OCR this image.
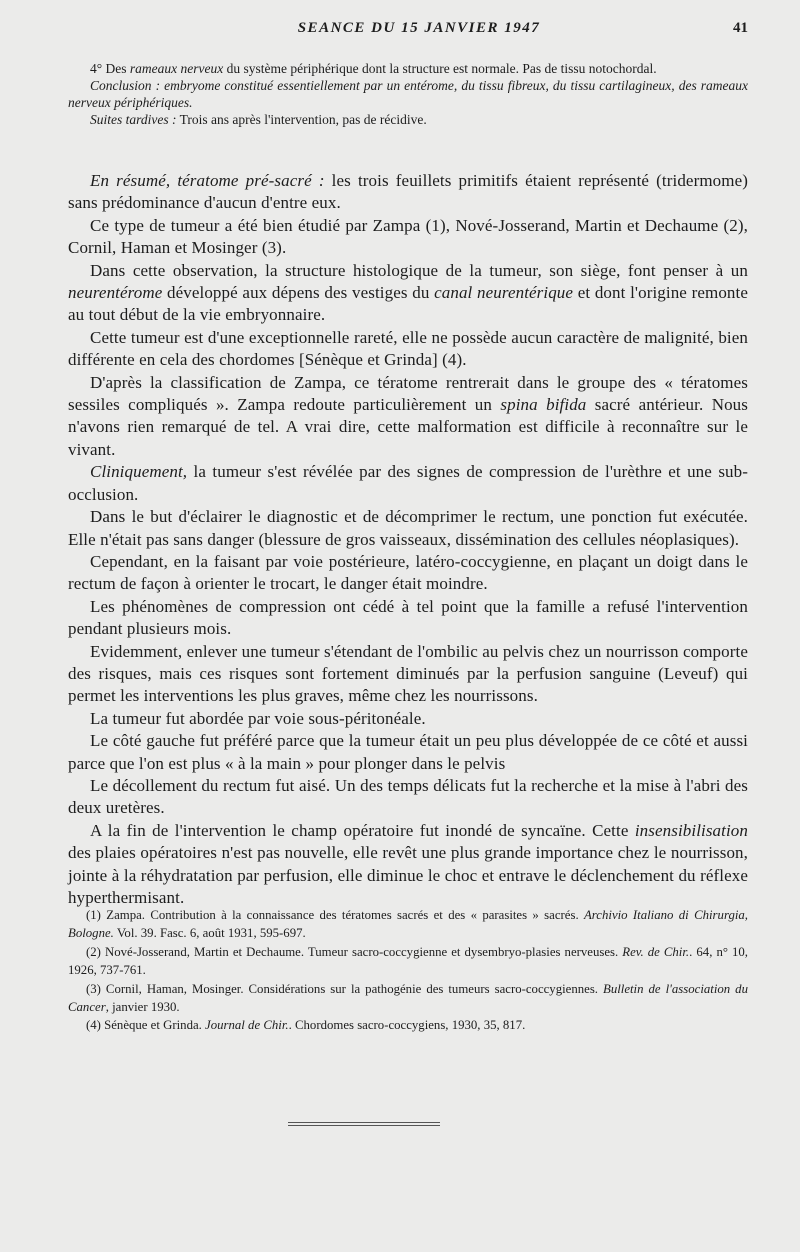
SEANCE DU 15 JANVIER 1947	41

4° Des rameaux nerveux du système périphérique dont la structure est normale. Pas de tissu notochordal.

Conclusion : embryome constitué essentiellement par un entérome, du tissu fibreux, du tissu cartilagineux, des rameaux nerveux périphériques.

Suites tardives : Trois ans après l'intervention, pas de récidive.

En résumé, tératome pré-sacré : les trois feuillets primitifs étaient représenté (tridermome) sans prédominance d'aucun d'entre eux.

Ce type de tumeur a été bien étudié par Zampa (1), Nové-Josserand, Martin et Dechaume (2), Cornil, Haman et Mosinger (3).

Dans cette observation, la structure histologique de la tumeur, son siège, font penser à un neurentérome développé aux dépens des vestiges du canal neurentérique et dont l'origine remonte au tout début de la vie embryonnaire.

Cette tumeur est d'une exceptionnelle rareté, elle ne possède aucun caractère de malignité, bien différente en cela des chordomes [Sénèque et Grinda] (4).

D'après la classification de Zampa, ce tératome rentrerait dans le groupe des « tératomes sessiles compliqués ». Zampa redoute particulièrement un spina bifida sacré antérieur. Nous n'avons rien remarqué de tel. A vrai dire, cette malformation est difficile à reconnaître sur le vivant.

Cliniquement, la tumeur s'est révélée par des signes de compression de l'urèthre et une sub-occlusion.

Dans le but d'éclairer le diagnostic et de décomprimer le rectum, une ponction fut exécutée. Elle n'était pas sans danger (blessure de gros vaisseaux, dissémination des cellules néoplasiques).

Cependant, en la faisant par voie postérieure, latéro-coccygienne, en plaçant un doigt dans le rectum de façon à orienter le trocart, le danger était moindre.

Les phénomènes de compression ont cédé à tel point que la famille a refusé l'intervention pendant plusieurs mois.

Evidemment, enlever une tumeur s'étendant de l'ombilic au pelvis chez un nourrisson comporte des risques, mais ces risques sont fortement diminués par la perfusion sanguine (Leveuf) qui permet les interventions les plus graves, même chez les nourrissons.

La tumeur fut abordée par voie sous-péritonéale.

Le côté gauche fut préféré parce que la tumeur était un peu plus développée de ce côté et aussi parce que l'on est plus « à la main » pour plonger dans le pelvis

Le décollement du rectum fut aisé. Un des temps délicats fut la recherche et la mise à l'abri des deux uretères.

A la fin de l'intervention le champ opératoire fut inondé de syncaïne. Cette insensibilisation des plaies opératoires n'est pas nouvelle, elle revêt une plus grande importance chez le nourrisson, jointe à la réhydratation par perfusion, elle diminue le choc et entrave le déclenchement du réflexe hyperthermisant.

(1) Zampa. Contribution à la connaissance des tératomes sacrés et des « parasites » sacrés. Archivio Italiano di Chirurgia, Bologne. Vol. 39. Fasc. 6, août 1931, 595-697.

(2) Nové-Josserand, Martin et Dechaume. Tumeur sacro-coccygienne et dysembryo-plasies nerveuses. Rev. de Chir.. 64, n° 10, 1926, 737-761.

(3) Cornil, Haman, Mosinger. Considérations sur la pathogénie des tumeurs sacro-coccygiennes. Bulletin de l'association du Cancer, janvier 1930.

(4) Sénèque et Grinda. Journal de Chir.. Chordomes sacro-coccygiens, 1930, 35, 817.
